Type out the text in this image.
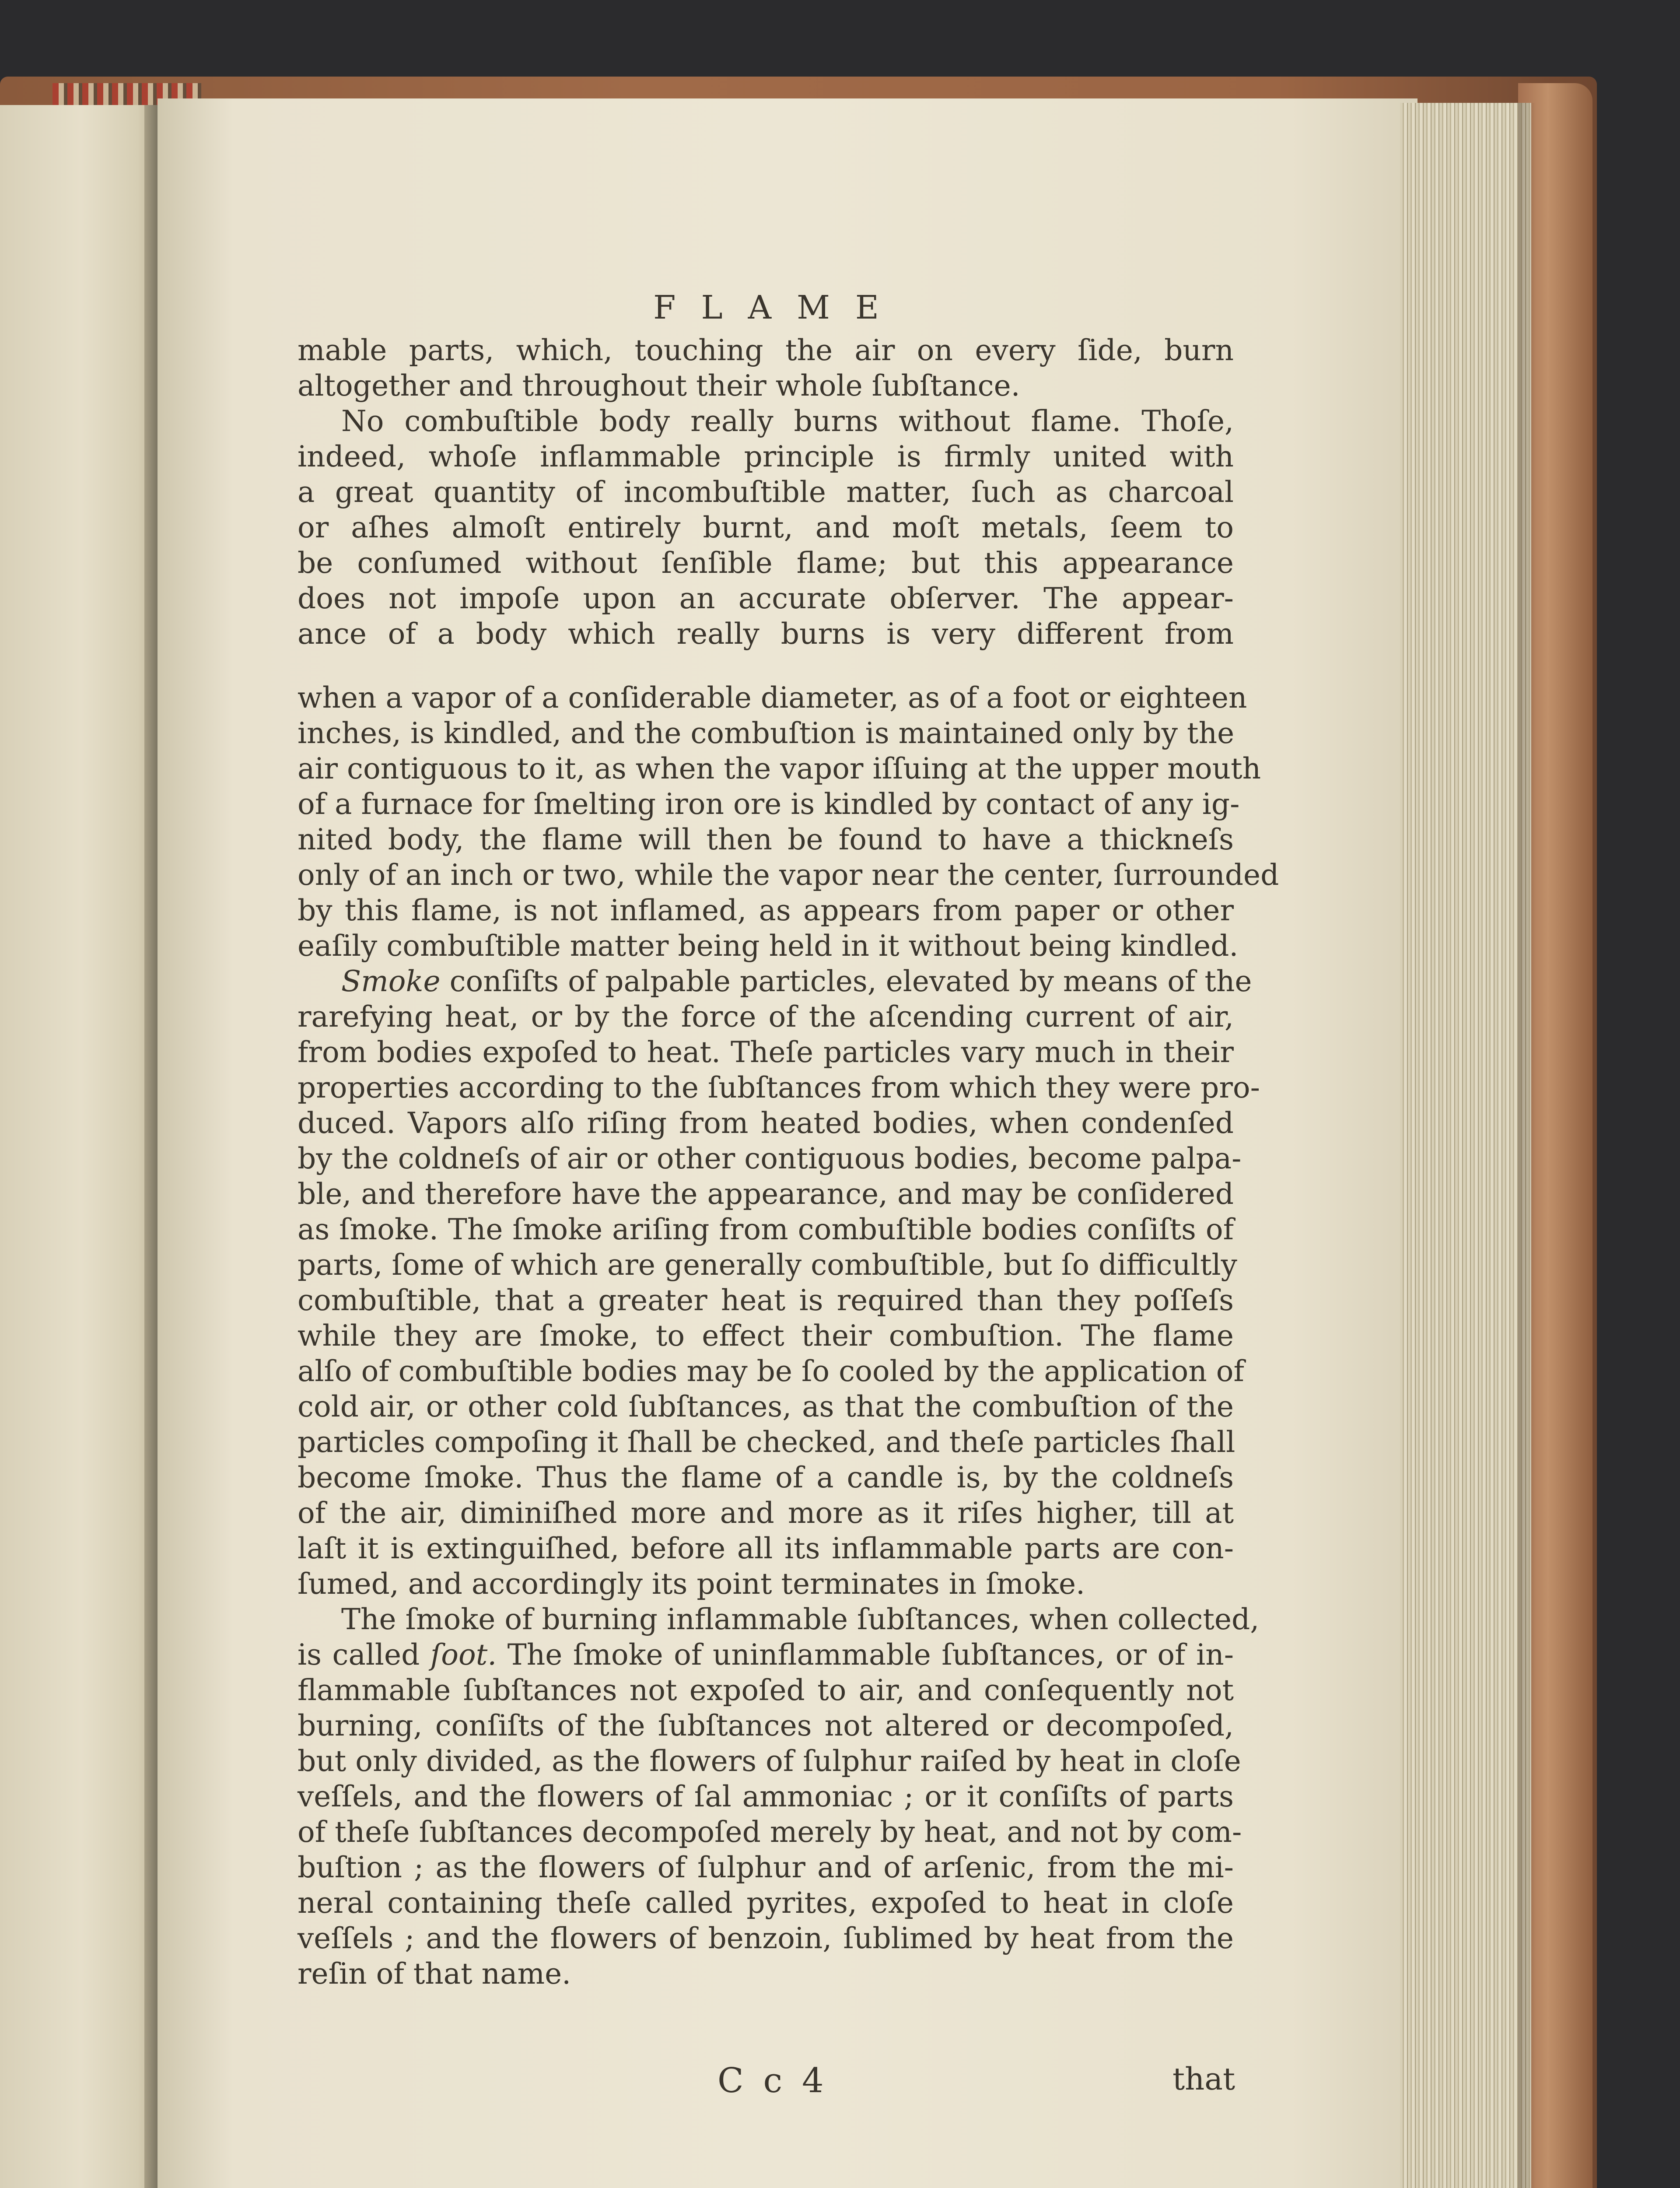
FLAME
mable parts, which, touching the air on every ſide, burn
altogether and throughout their whole ſubſtance.
No combuſtible body really burns without flame. Thoſe,
indeed, whoſe inflammable principle is firmly united with
a great quantity of incombuſtible matter, ſuch as charcoal
or aſhes almoſt entirely burnt, and moſt metals, ſeem to
be conſumed without ſenſible flame; but this appearance
does not impoſe upon an accurate obſerver. The appear-
ance of a body which really burns is very different from
when a vapor of a conſiderable diameter, as of a foot or eighteen
inches, is kindled, and the combuſtion is maintained only by the
air contiguous to it, as when the vapor iſſuing at the upper mouth
of a furnace for ſmelting iron ore is kindled by contact of any ig-
nited body, the flame will then be found to have a thickneſs
only of an inch or two, while the vapor near the center, ſurrounded
by this flame, is not inflamed, as appears from paper or other
eaſily combuſtible matter being held in it without being kindled.
Smoke conſiſts of palpable particles, elevated by means of the
rarefying heat, or by the force of the aſcending current of air,
from bodies expoſed to heat. Theſe particles vary much in their
properties according to the ſubſtances from which they were pro-
duced. Vapors alſo riſing from heated bodies, when condenſed
by the coldneſs of air or other contiguous bodies, become palpa-
ble, and therefore have the appearance, and may be conſidered
as ſmoke. The ſmoke ariſing from combuſtible bodies conſiſts of
parts, ſome of which are generally combuſtible, but ſo difficultly
combuſtible, that a greater heat is required than they poſſeſs
while they are ſmoke, to effect their combuſtion. The flame
alſo of combuſtible bodies may be ſo cooled by the application of
cold air, or other cold ſubſtances, as that the combuſtion of the
particles compoſing it ſhall be checked, and theſe particles ſhall
become ſmoke. Thus the flame of a candle is, by the coldneſs
of the air, diminiſhed more and more as it riſes higher, till at
laſt it is extinguiſhed, before all its inflammable parts are con-
ſumed, and accordingly its point terminates in ſmoke.
The ſmoke of burning inflammable ſubſtances, when collected,
is called ſoot. The ſmoke of uninflammable ſubſtances, or of in-
flammable ſubſtances not expoſed to air, and conſequently not
burning, conſiſts of the ſubſtances not altered or decompoſed,
but only divided, as the flowers of ſulphur raiſed by heat in cloſe
veſſels, and the flowers of ſal ammoniac ; or it conſiſts of parts
of theſe ſubſtances decompoſed merely by heat, and not by com-
buſtion ; as the flowers of ſulphur and of arſenic, from the mi-
neral containing theſe called pyrites, expoſed to heat in cloſe
veſſels ; and the flowers of benzoin, ſublimed by heat from the
reſin of that name.
C c 4	that
